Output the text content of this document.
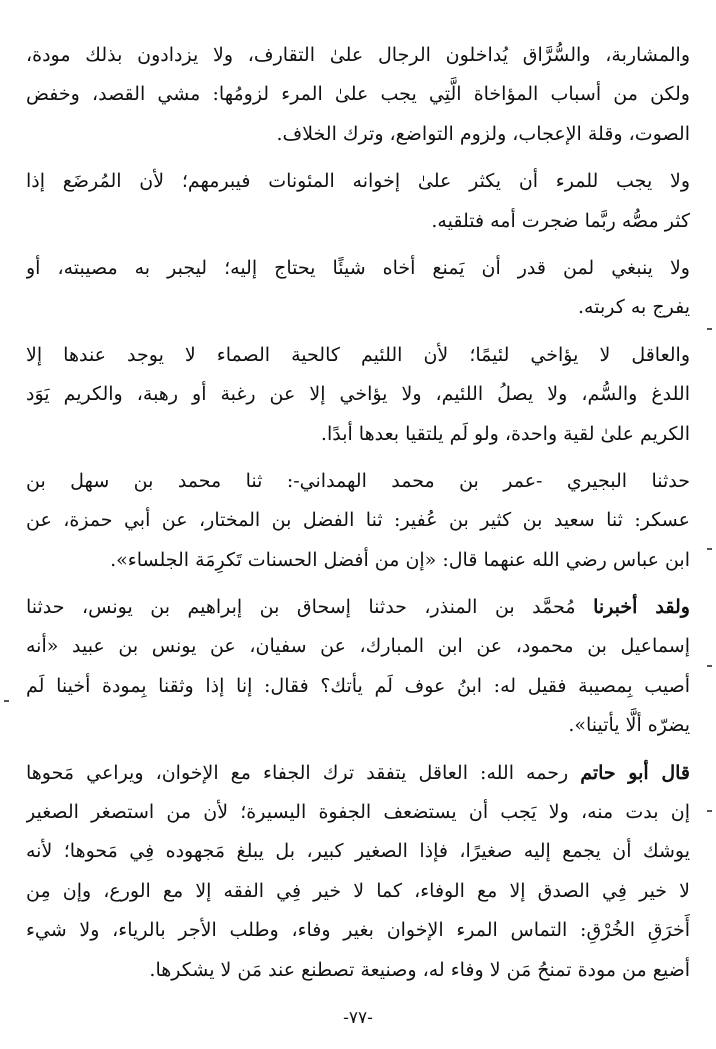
والمشاربة، والسُّرَّاق يُداخلون الرجال علىٰ التقارف، ولا يزدادون بذلك مودة،
ولكن من أسباب المؤاخاة الَّتِي يجب علىٰ المرء لزومُها: مشي القصد، وخفض
الصوت، وقلة الإعجاب، ولزوم التواضع، وترك الخلاف.
ولا يجب للمرء أن يكثر علىٰ إخوانه المئونات فيبرمهم؛ لأن المُرضَع إذا
كثر مصُّه ربَّما ضجرت أمه فتلقيه.
ولا ينبغي لمن قدر أن يَمنع أخاه شيئًا يحتاج إليه؛ ليجبر به مصيبته، أو
يفرج به كربته.
والعاقل لا يؤاخي لئيمًا؛ لأن اللئيم كالحية الصماء لا يوجد عندها إلا
اللدغ والسُّم، ولا يصلُ اللئيم، ولا يؤاخي إلا عن رغبة أو رهبة، والكريم يَوَد
الكريم علىٰ لقية واحدة، ولو لَم يلتقيا بعدها أبدًا.
حدثنا البجيري -عمر بن محمد الهمداني-: ثنا محمد بن سهل بن
عسكر: ثنا سعيد بن كثير بن عُفير: ثنا الفضل بن المختار، عن أبي حمزة، عن
ابن عباس رضي الله عنهما قال: «إن من أفضل الحسنات تَكرِمَة الجلساء».
ولقد أخبرنا مُحمَّد بن المنذر، حدثنا إسحاق بن إبراهيم بن يونس، حدثنا
إسماعيل بن محمود، عن ابن المبارك، عن سفيان، عن يونس بن عبيد «أنه
أصيب بِمصيبة فقيل له: ابنُ عوف لَم يأتك؟ فقال: إنا إذا وثقنا بِمودة أخينا لَم
يضرّه ألَّا يأتينا».
قال أبو حاتم رحمه الله: العاقل يتفقد ترك الجفاء مع الإخوان، ويراعي مَحوها
إن بدت منه، ولا يَجب أن يستضعف الجفوة اليسيرة؛ لأن من استصغر الصغير
يوشك أن يجمع إليه صغيرًا، فإذا الصغير كبير، بل يبلغ مَجهوده فِي مَحوها؛ لأنه
لا خير فِي الصدق إلا مع الوفاء، كما لا خير فِي الفقه إلا مع الورع، وإن مِن
أَخرَقِ الخُرْقِ: التماس المرء الإخوان بغير وفاء، وطلب الأجر بالرياء، ولا شيء
أضيع من مودة تمنحُ مَن لا وفاء له، وصنيعة تصطنع عند مَن لا يشكرها.
-٧٧-
